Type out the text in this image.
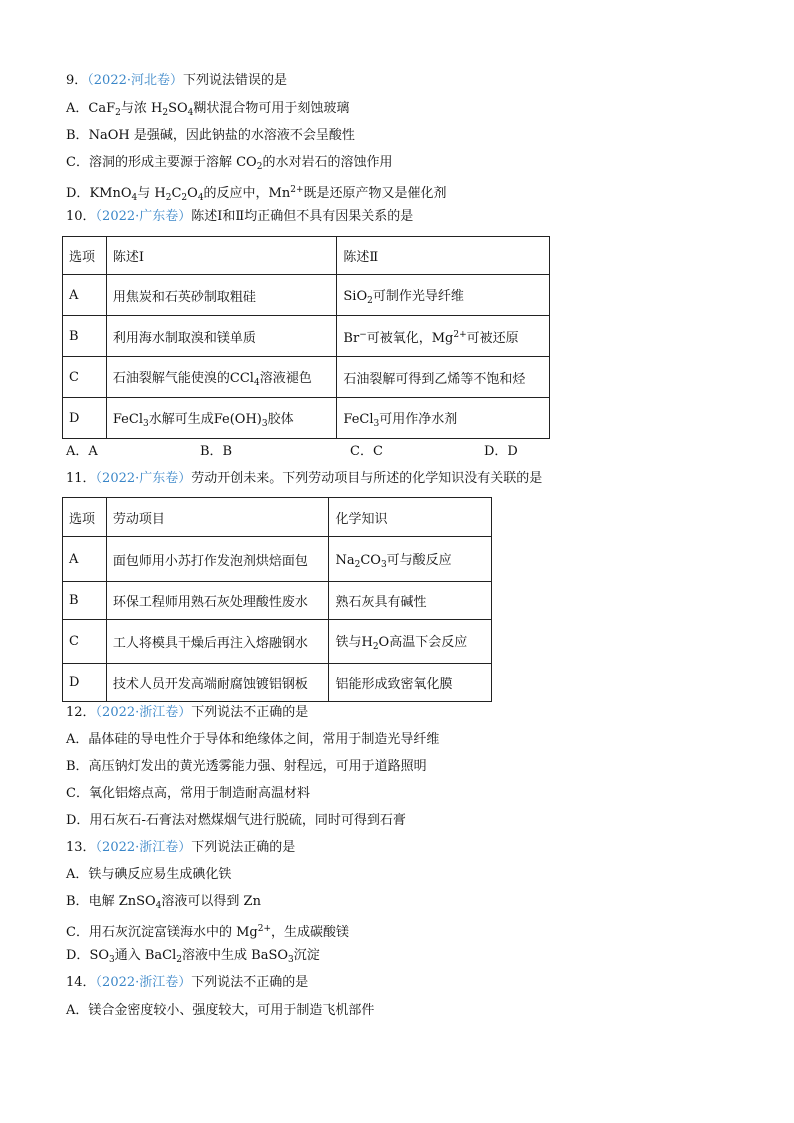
9．（2022·河北卷）下列说法错误的是
A．CaF$_2$与浓 $H_2SO_4$糊状混合物可用于刻蚀玻璃
B．NaOH 是强碱，因此钠盐的水溶液不会呈酸性
C．溶洞的形成主要源于溶解 $CO_2$的水对岩石的溶蚀作用
D．KMnO$_4$与 $H_2C_2O_4$的反应中，$Mn^{2+}$既是还原产物又是催化剂
10．（2022·广东卷）陈述Ⅰ和Ⅱ均正确但不具有因果关系的是
选项	陈述Ⅰ	陈述Ⅱ
A	用焦炭和石英砂制取粗硅	SiO$_2$可制作光导纤维
B	利用海水制取溴和镁单质	Br−可被氧化，$Mg^{2+}$可被还原
C	石油裂解气能使溴的CCl$_4$溶液褪色	石油裂解可得到乙烯等不饱和烃
D	FeCl$_3$水解可生成$Fe(OH)_3$胶体	FeCl$_3$可用作净水剂
A．A	B．B	C．C	D．D
11．（2022·广东卷）劳动开创未来。下列劳动项目与所述的化学知识没有关联的是
选项	劳动项目	化学知识
A	面包师用小苏打作发泡剂烘焙面包	$Na_2CO_3$可与酸反应
B	环保工程师用熟石灰处理酸性废水	熟石灰具有碱性
C	工人将模具干燥后再注入熔融钢水	铁与$H_2O$高温下会反应
D	技术人员开发高端耐腐蚀镀铝钢板	铝能形成致密氧化膜
12．（2022·浙江卷）下列说法不正确的是
A．晶体硅的导电性介于导体和绝缘体之间，常用于制造光导纤维
B．高压钠灯发出的黄光透雾能力强、射程远，可用于道路照明
C．氧化铝熔点高，常用于制造耐高温材料
D．用石灰石-石膏法对燃煤烟气进行脱硫，同时可得到石膏
13．（2022·浙江卷）下列说法正确的是
A．铁与碘反应易生成碘化铁
B．电解 ZnSO$_4$溶液可以得到 Zn
C．用石灰沉淀富镁海水中的 $Mg^{2+}$，生成碳酸镁
D．$SO_3$通入 BaCl$_2$溶液中生成 BaSO$_3$沉淀
14．（2022·浙江卷）下列说法不正确的是
A．镁合金密度较小、强度较大，可用于制造飞机部件
